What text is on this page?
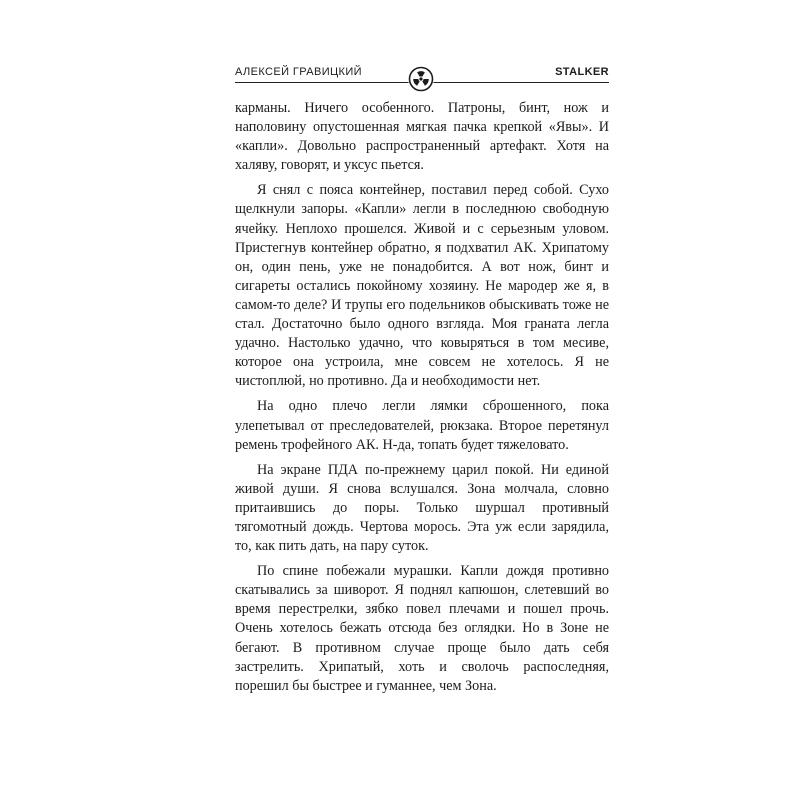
АЛЕКСЕЙ ГРАВИЦКИЙ	STALKER

карманы. Ничего особенного. Патроны, бинт, нож и наполовину опустошенная мягкая пачка крепкой «Явы». И «капли». Довольно распространенный артефакт. Хотя на халяву, говорят, и уксус пьется.

Я снял с пояса контейнер, поставил перед собой. Сухо щелкнули запоры. «Капли» легли в последнюю свободную ячейку. Неплохо прошелся. Живой и с серьезным уловом. Пристегнув контейнер обратно, я подхватил АК. Хрипатому он, один пень, уже не понадобится. А вот нож, бинт и сигареты остались покойному хозяину. Не мародер же я, в самом-то деле? И трупы его подельников обыскивать тоже не стал. Достаточно было одного взгляда. Моя граната легла удачно. Настолько удачно, что ковыряться в том месиве, которое она устроила, мне совсем не хотелось. Я не чистоплюй, но противно. Да и необходимости нет.

На одно плечо легли лямки сброшенного, пока улепетывал от преследователей, рюкзака. Второе перетянул ремень трофейного АК. Н-да, топать будет тяжеловато.

На экране ПДА по-прежнему царил покой. Ни единой живой души. Я снова вслушался. Зона молчала, словно притаившись до поры. Только шуршал противный тягомотный дождь. Чертова морось. Эта уж если зарядила, то, как пить дать, на пару суток.

По спине побежали мурашки. Капли дождя противно скатывались за шиворот. Я поднял капюшон, слетевший во время перестрелки, зябко повел плечами и пошел прочь. Очень хотелось бежать отсюда без оглядки. Но в Зоне не бегают. В противном случае проще было дать себя застрелить. Хрипатый, хоть и сволочь распоследняя, порешил бы быстрее и гуманнее, чем Зона.
